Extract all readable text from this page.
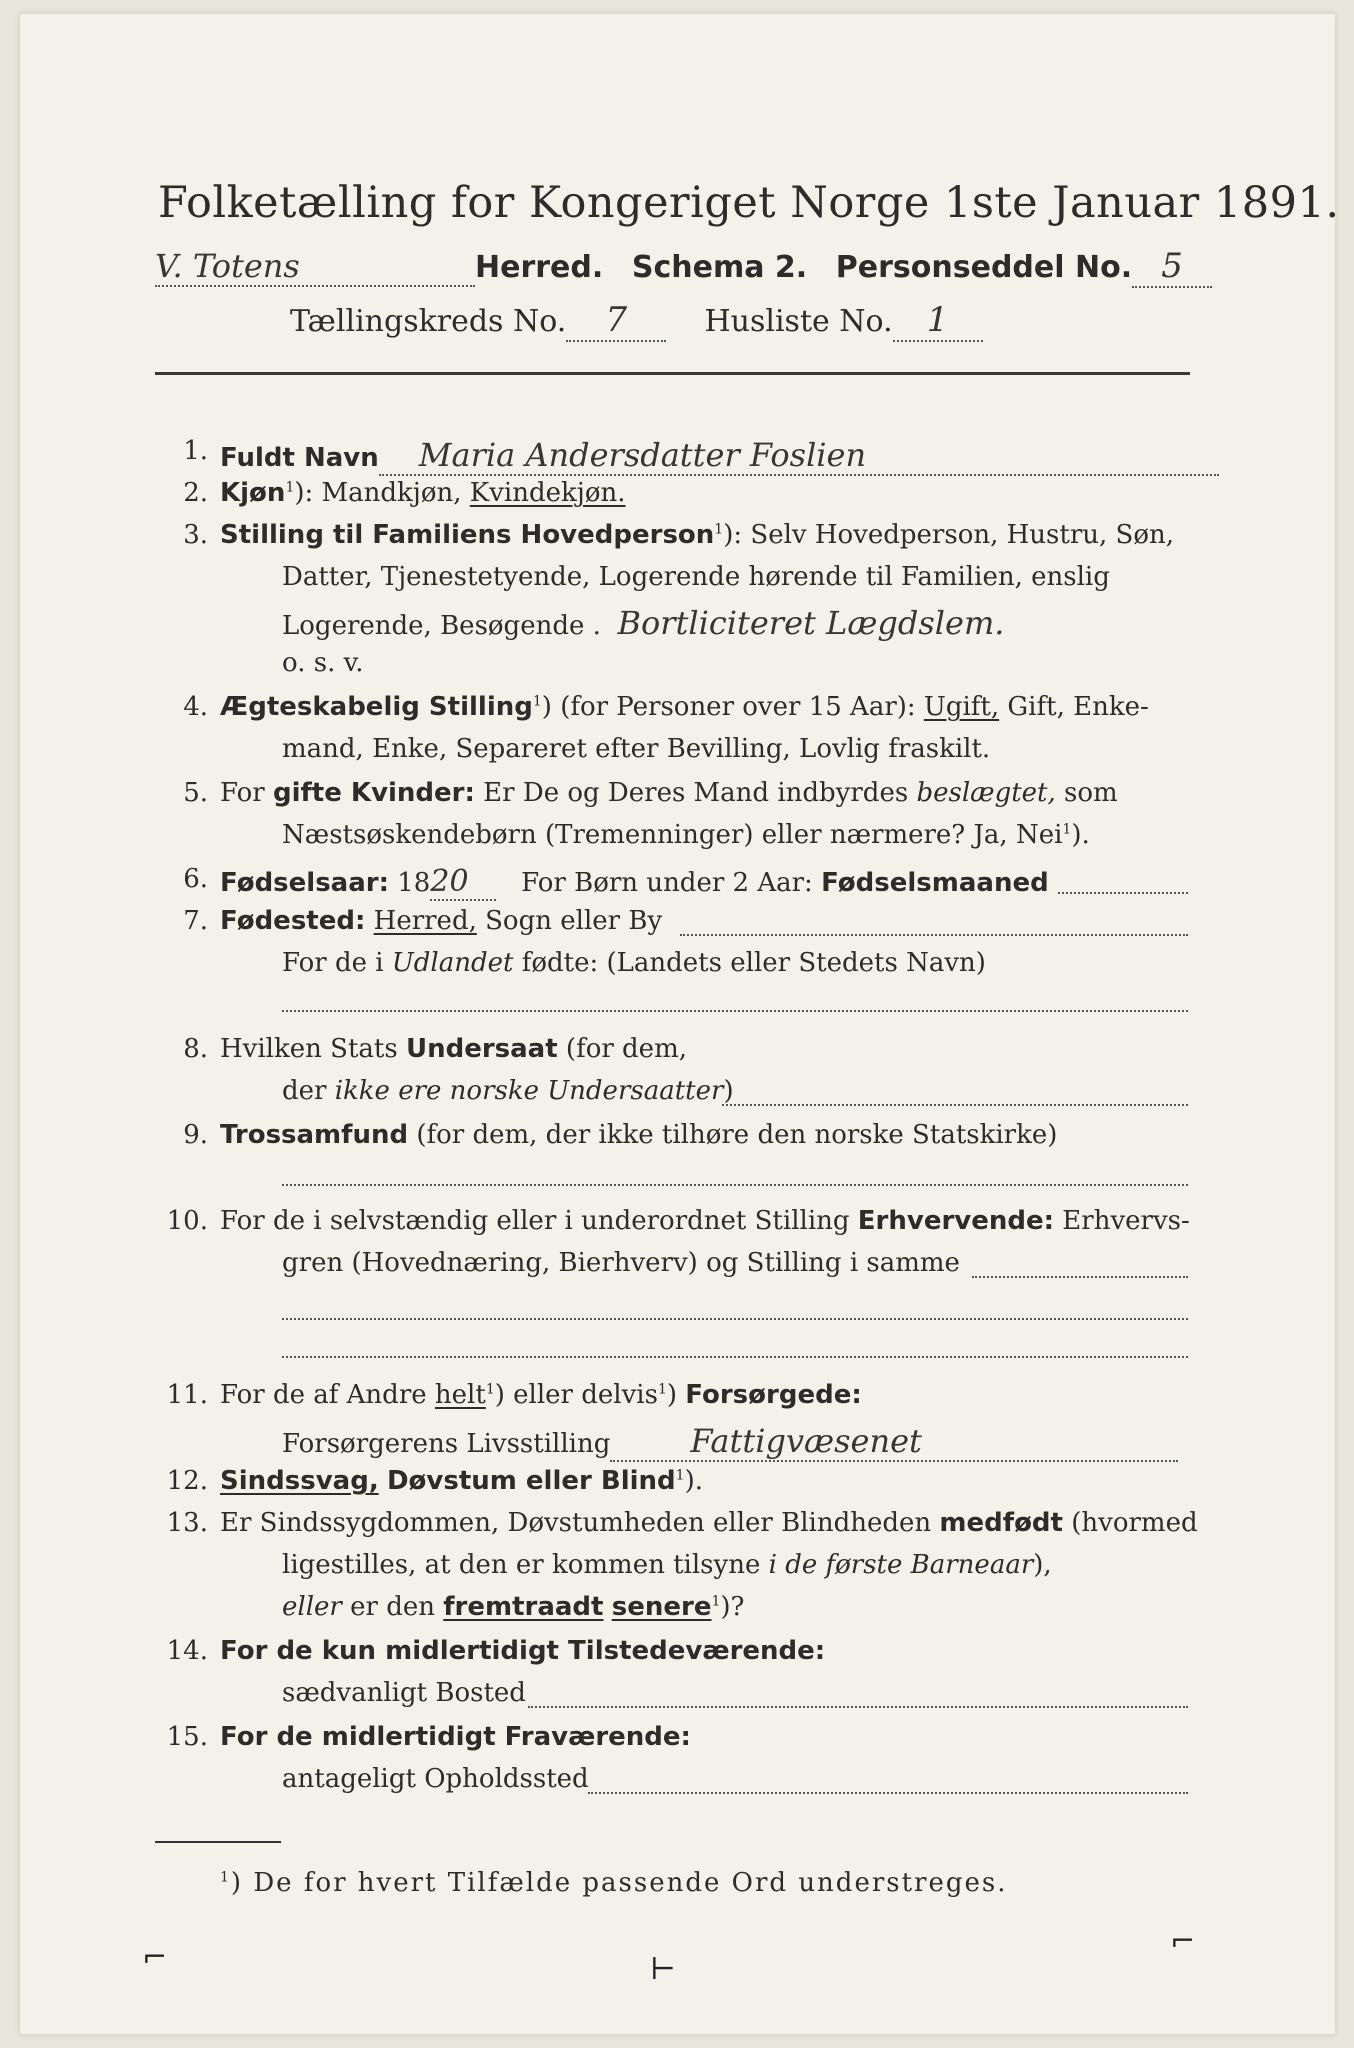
Folketælling for Kongeriget Norge 1ste Januar 1891.
V. Totens	Herred. Schema 2. Personseddel No. 5
Tællingskreds No. 7	Husliste No. 1
1. Fuldt Navn Maria Andersdatter Foslien
2. Kjøn$^1$): Mandkjøn, Kvindekjøn.
3. Stilling til Familiens Hovedperson$^1$): Selv Hovedperson, Hustru, Søn,
Datter, Tjenestetyende, Logerende hørende til Familien, enslig
Logerende, Besøgende . Bortliciteret Lægdslem.
o. s. v.
4. Ægteskabelig Stilling$^1$) (for Personer over 15 Aar): Ugift, Gift, Enke-
mand, Enke, Separeret efter Bevilling, Lovlig fraskilt.
5. For gifte Kvinder: Er De og Deres Mand indbyrdes beslægtet, som
Næstsøskendebørn (Tremenninger) eller nærmere? Ja, Nei$^1$).
6. Fødselsaar: 1820 For Børn under 2 Aar: Fødselsmaaned
7. Fødested: Herred, Sogn eller By
For de i Udlandet fødte: (Landets eller Stedets Navn)
8. Hvilken Stats Undersaat (for dem,
der ikke ere norske Undersaatter)
9. Trossamfund (for dem, der ikke tilhøre den norske Statskirke)
10. For de i selvstændig eller i underordnet Stilling Erhvervende: Erhvervs-
gren (Hovednæring, Bierhverv) og Stilling i samme
11. For de af Andre helt$^1$) eller delvis$^1$) Forsørgede:
Forsørgerens Livsstilling	Fattigvæsenet
12. Sindssvag, Døvstum eller Blind$^1$).
13. Er Sindssygdommen, Døvstumheden eller Blindheden medfødt (hvormed
ligestilles, at den er kommen tilsyne i de første Barneaar),
eller er den fremtraadt senere$^1$)?
14. For de kun midlertidigt Tilstedeværende:
sædvanligt Bosted
15. For de midlertidigt Fraværende:
antageligt Opholdssted
$^1$) De for hvert Tilfælde passende Ord understreges.
⌐	⊢
⌐
